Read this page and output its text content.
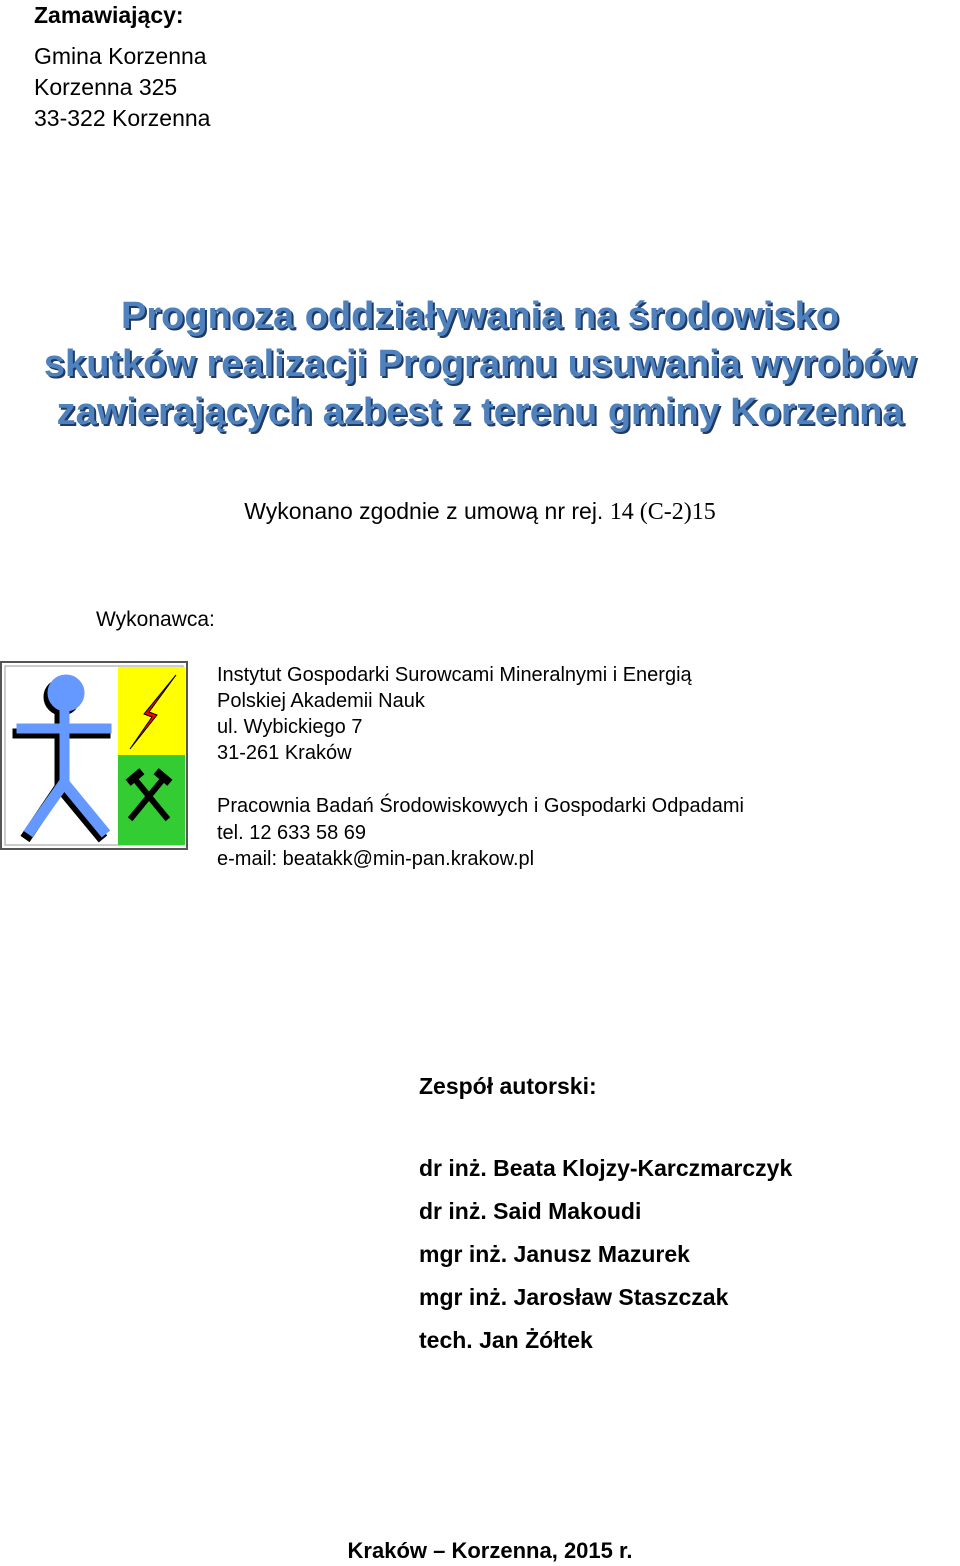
Zamawiający:
Gmina Korzenna
Korzenna 325
33-322 Korzenna
Prognoza oddziaływania na środowisko
skutków realizacji Programu usuwania wyrobów
zawierających azbest z terenu gminy Korzenna
Wykonano zgodnie z umową nr rej. 14 (C-2)15
Wykonawca:
Instytut Gospodarki Surowcami Mineralnymi i Energią
Polskiej Akademii Nauk
ul. Wybickiego 7
31-261 Kraków
Pracownia Badań Środowiskowych i Gospodarki Odpadami
tel. 12 633 58 69
e-mail: beatakk@min-pan.krakow.pl
Zespół autorski:
dr inż. Beata Klojzy-Karczmarczyk
dr inż. Said Makoudi
mgr inż. Janusz Mazurek
mgr inż. Jarosław Staszczak
tech. Jan Żółtek
Kraków – Korzenna, 2015 r.
